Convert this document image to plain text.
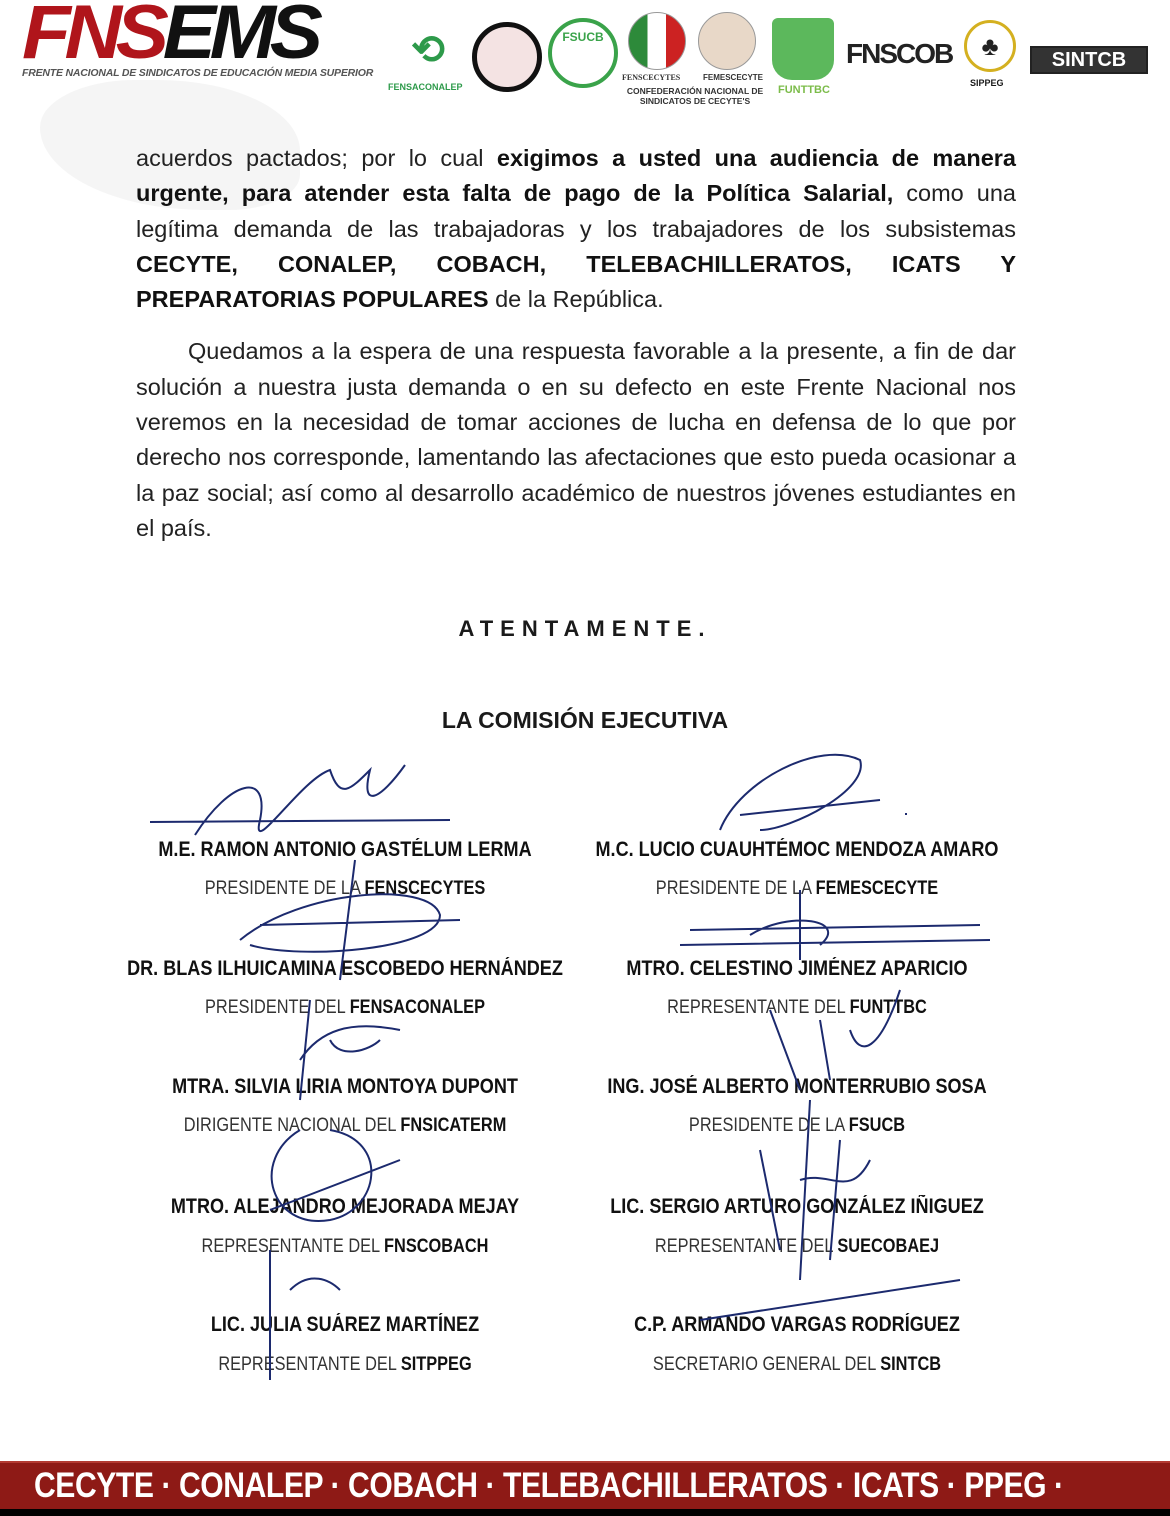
FNSEMS
FRENTE NACIONAL DE SINDICATOS DE EDUCACIÓN MEDIA SUPERIOR
⟲
FENSACONALEP
FSUCB
FENSCECYTES	FEMESCECYTE
CONFEDERACIÓN NACIONAL DE SINDICATOS DE CECYTE'S
FUNTTBC
FNSCOB	♣
SIPPEG
SINTCB
acuerdos pactados; por lo cual exigimos a usted una audiencia de manera urgente, para atender esta falta de pago de la Política Salarial, como una legítima demanda de las trabajadoras y los trabajadores de los subsistemas CECYTE, CONALEP, COBACH, TELEBACHILLERATOS, ICATS Y PREPARATORIAS POPULARES de la República.
Quedamos a la espera de una respuesta favorable a la presente, a fin de dar solución a nuestra justa demanda o en su defecto en este Frente Nacional nos veremos en la necesidad de tomar acciones de lucha en defensa de lo que por derecho nos corresponde, lamentando las afectaciones que esto pueda ocasionar a la paz social; así como al desarrollo académico de nuestros jóvenes estudiantes en el país.
ATENTAMENTE.
LA COMISIÓN EJECUTIVA
M.E. RAMON ANTONIO GASTÉLUM LERMA
PRESIDENTE DE LA FENSCECYTES
M.C. LUCIO CUAUHTÉMOC MENDOZA AMARO
PRESIDENTE DE LA FEMESCECYTE
DR. BLAS ILHUICAMINA ESCOBEDO HERNÁNDEZ
PRESIDENTE DEL FENSACONALEP
MTRO. CELESTINO JIMÉNEZ APARICIO
REPRESENTANTE DEL FUNTTBC
MTRA. SILVIA LIRIA MONTOYA DUPONT
DIRIGENTE NACIONAL DEL FNSICATERM
ING. JOSÉ ALBERTO MONTERRUBIO SOSA
PRESIDENTE DE LA FSUCB
MTRO. ALEJANDRO MEJORADA MEJAY
REPRESENTANTE DEL FNSCOBACH
LIC. SERGIO ARTURO GONZÁLEZ IÑIGUEZ
REPRESENTANTE DEL SUECOBAEJ
LIC. JULIA SUÁREZ MARTÍNEZ
REPRESENTANTE DEL SITPPEG
C.P. ARMANDO VARGAS RODRÍGUEZ
SECRETARIO GENERAL DEL SINTCB
CECYTE · CONALEP · COBACH · TELEBACHILLERATOS · ICATS · PPEG ·
